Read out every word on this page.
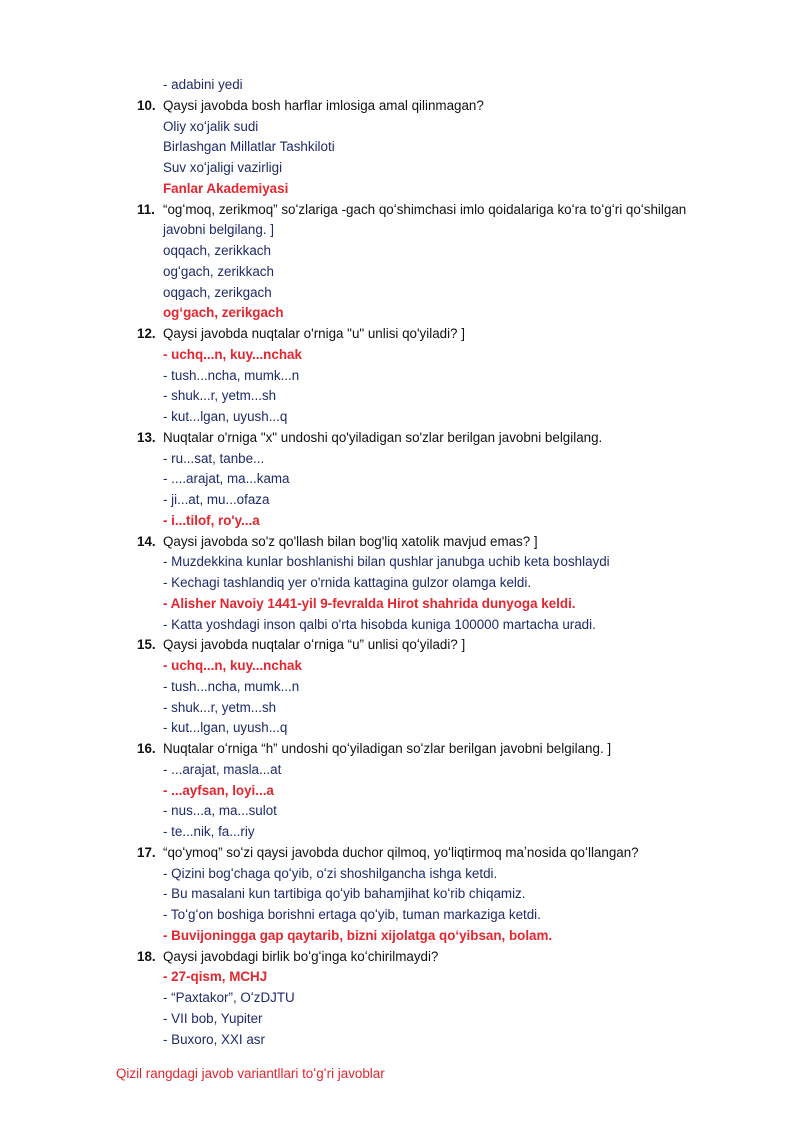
- adabini yedi
10. Qaysi javobda bosh harflar imlosiga amal qilinmagan?
Oliy xoʻjalik sudi
Birlashgan Millatlar Tashkiloti
Suv xoʻjaligi vazirligi
Fanlar Akademiyasi
11. “ogʻmoq, zerikmoq” soʻzlariga -gach qoʻshimchasi imlo qoidalariga koʻra toʻgʻri qoʻshilgan
javobni belgilang. ]
oqqach, zerikkach
ogʻgach, zerikkach
oqgach, zerikgach
ogʻgach, zerikgach
12. Qaysi javobda nuqtalar o'rniga "u" unlisi qo'yiladi? ]
- uchq...n, kuy...nchak
- tush...ncha, mumk...n
- shuk...r, yetm...sh
- kut...lgan, uyush...q
13. Nuqtalar o'rniga "x" undoshi qo'yiladigan so'zlar berilgan javobni belgilang.
- ru...sat, tanbe...
- ....arajat, ma...kama
- ji...at, mu...ofaza
- i...tilof, ro'y...a
14. Qaysi javobda so'z qo'llash bilan bog'liq xatolik mavjud emas? ]
- Muzdekkina kunlar boshlanishi bilan qushlar janubga uchib keta boshlaydi
- Kechagi tashlandiq yer o'rnida kattagina gulzor olamga keldi.
- Alisher Navoiy 1441-yil 9-fevralda Hirot shahrida dunyoga keldi.
- Katta yoshdagi inson qalbi o'rta hisobda kuniga 100000 martacha uradi.
15. Qaysi javobda nuqtalar oʻrniga “u” unlisi qoʻyiladi? ]
- uchq...n, kuy...nchak
- tush...ncha, mumk...n
- shuk...r, yetm...sh
- kut...lgan, uyush...q
16. Nuqtalar oʻrniga “h” undoshi qoʻyiladigan soʻzlar berilgan javobni belgilang. ]
- ...arajat, masla...at
- ...ayfsan, loyi...a
- nus...a, ma...sulot
- te...nik, fa...riy
17. “qoʻymoq” soʻzi qaysi javobda duchor qilmoq, yoʻliqtirmoq maʼnosida qoʻllangan?
- Qizini bogʻchaga qoʻyib, oʻzi shoshilgancha ishga ketdi.
- Bu masalani kun tartibiga qoʻyib bahamjihat koʻrib chiqamiz.
- Toʻgʻon boshiga borishni ertaga qoʻyib, tuman markaziga ketdi.
- Buvijoningga gap qaytarib, bizni xijolatga qoʻyibsan, bolam.
18. Qaysi javobdagi birlik boʻgʻinga koʻchirilmaydi?
- 27-qism, MCHJ
- “Paxtakor”, OʻzDJTU
- VII bob, Yupiter
- Buxoro, XXI asr
Qizil rangdagi javob variantllari toʻgʻri javoblar
